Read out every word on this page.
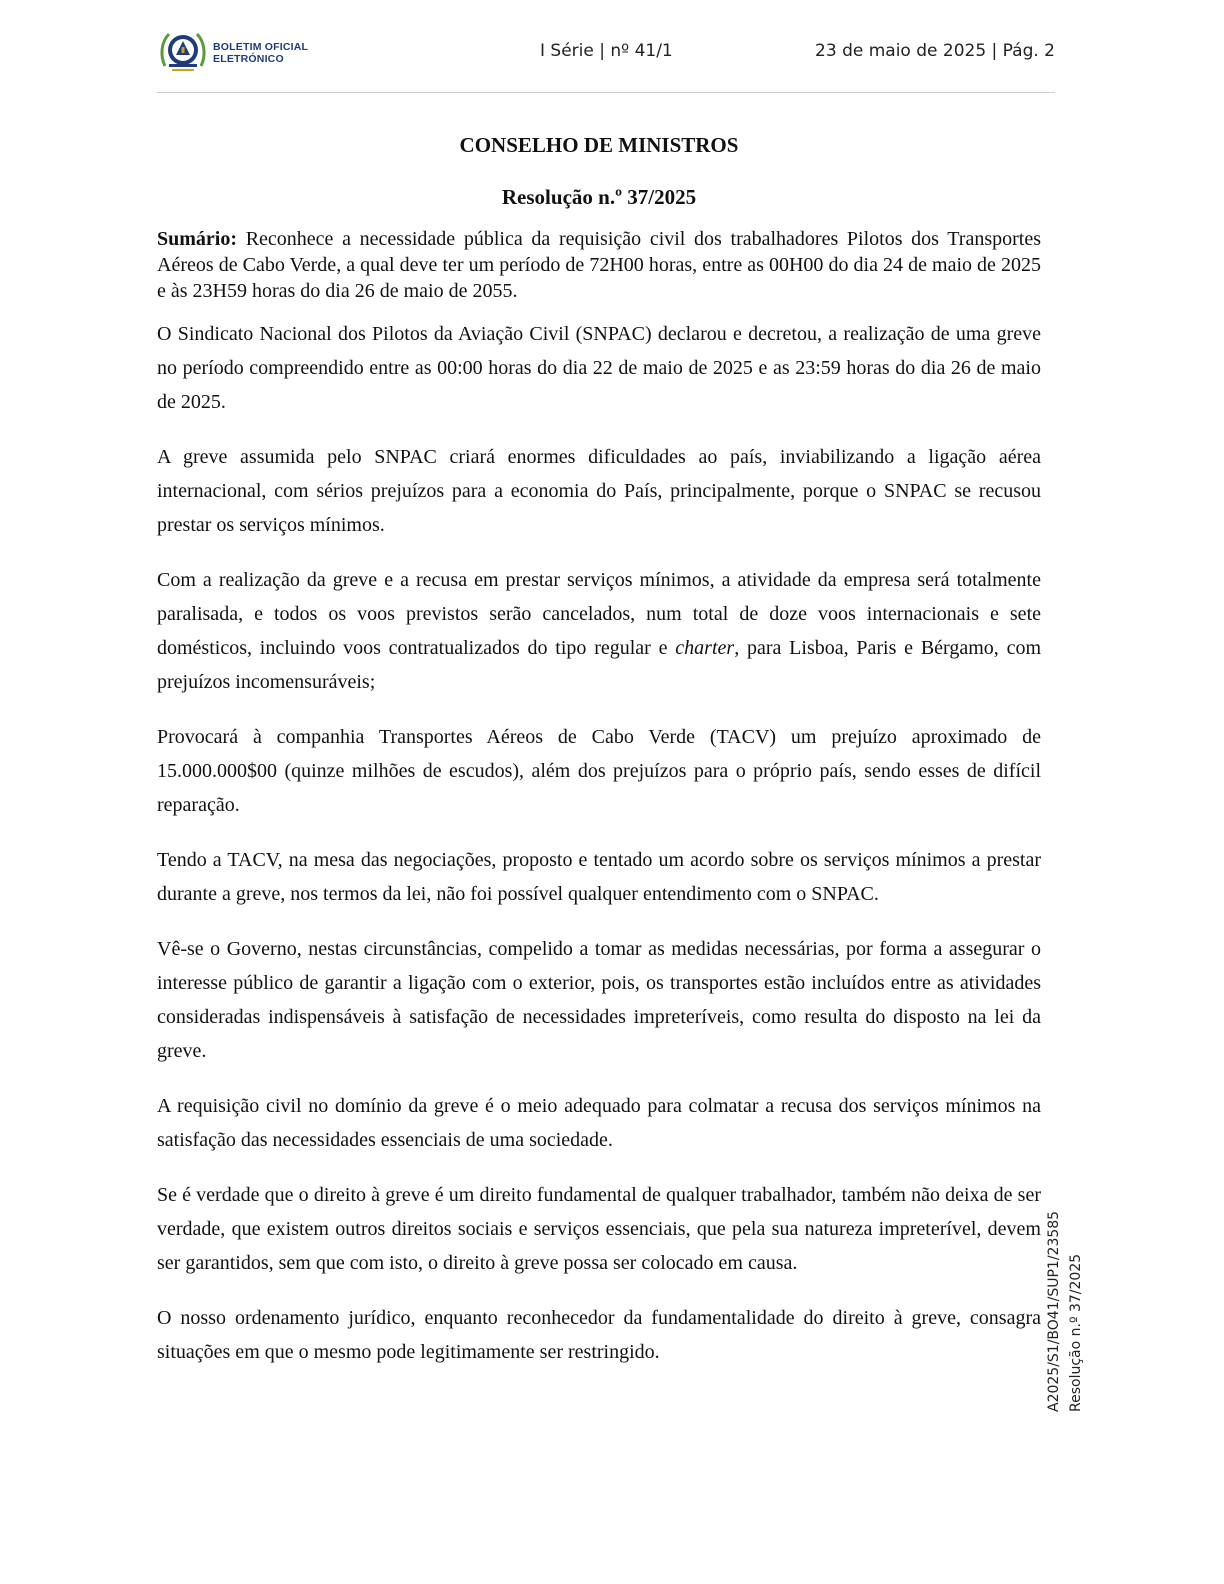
BOLETIM OFICIAL
ELETRÓNICO	I Série | nº 41/1	23 de maio de 2025 | Pág. 2
CONSELHO DE MINISTROS
Resolução n.º 37/2025

Sumário: Reconhece a necessidade pública da requisição civil dos trabalhadores Pilotos dos Transportes Aéreos de Cabo Verde, a qual deve ter um período de 72H00 horas, entre as 00H00 do dia 24 de maio de 2025 e às 23H59 horas do dia 26 de maio de 2055.

O Sindicato Nacional dos Pilotos da Aviação Civil (SNPAC) declarou e decretou, a realização de uma greve no período compreendido entre as 00:00 horas do dia 22 de maio de 2025 e as 23:59 horas do dia 26 de maio de 2025.

A greve assumida pelo SNPAC criará enormes dificuldades ao país, inviabilizando a ligação aérea internacional, com sérios prejuízos para a economia do País, principalmente, porque o SNPAC se recusou prestar os serviços mínimos.

Com a realização da greve e a recusa em prestar serviços mínimos, a atividade da empresa será totalmente paralisada, e todos os voos previstos serão cancelados, num total de doze voos internacionais e sete domésticos, incluindo voos contratualizados do tipo regular e charter, para Lisboa, Paris e Bérgamo, com prejuízos incomensuráveis;

Provocará à companhia Transportes Aéreos de Cabo Verde (TACV) um prejuízo aproximado de 15.000.000$00 (quinze milhões de escudos), além dos prejuízos para o próprio país, sendo esses de difícil reparação.

Tendo a TACV, na mesa das negociações, proposto e tentado um acordo sobre os serviços mínimos a prestar durante a greve, nos termos da lei, não foi possível qualquer entendimento com o SNPAC.

Vê-se o Governo, nestas circunstâncias, compelido a tomar as medidas necessárias, por forma a assegurar o interesse público de garantir a ligação com o exterior, pois, os transportes estão incluídos entre as atividades consideradas indispensáveis à satisfação de necessidades impreteríveis, como resulta do disposto na lei da greve.

A requisição civil no domínio da greve é o meio adequado para colmatar a recusa dos serviços mínimos na satisfação das necessidades essenciais de uma sociedade.

Se é verdade que o direito à greve é um direito fundamental de qualquer trabalhador, também não deixa de ser verdade, que existem outros direitos sociais e serviços essenciais, que pela sua natureza impreterível, devem ser garantidos, sem que com isto, o direito à greve possa ser colocado em causa.

O nosso ordenamento jurídico, enquanto reconhecedor da fundamentalidade do direito à greve, consagra situações em que o mesmo pode legitimamente ser restringido.	A2025/S1/BO41/SUP1/23585 Resolução n.º 37/2025
